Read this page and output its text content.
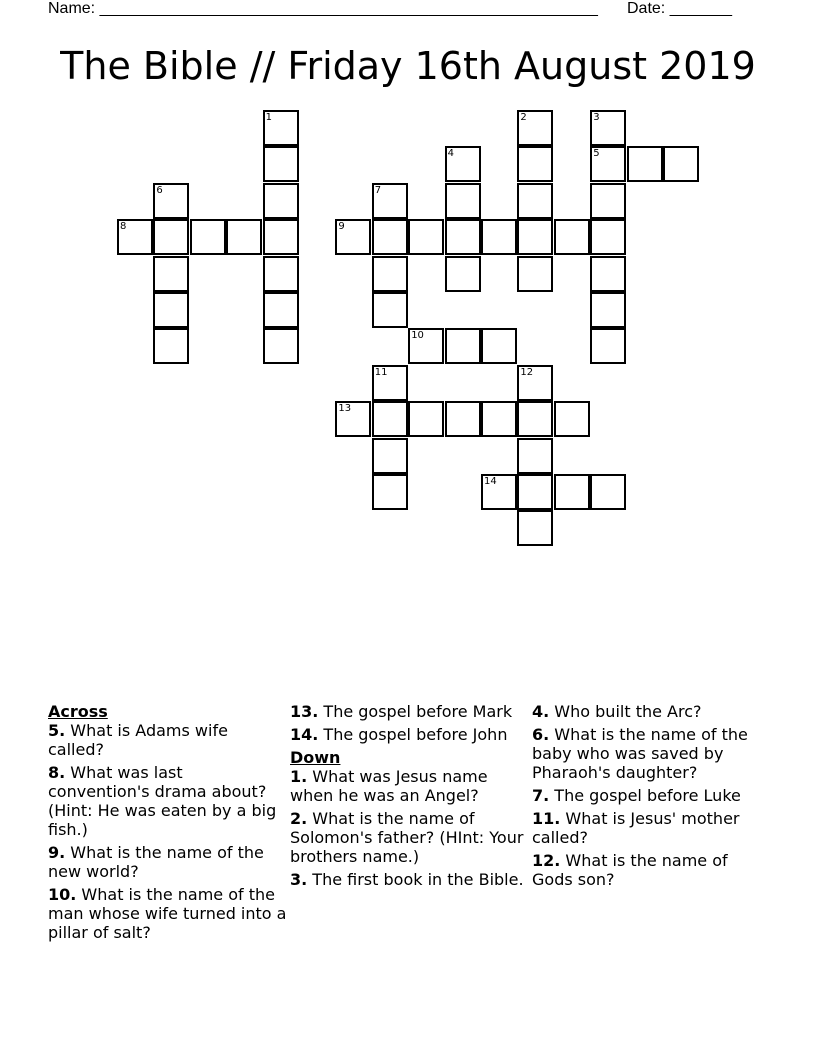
Name: ________________________________________________________ Date: _______
The Bible // Friday 16th August 2019
1	2	3
4	5
6	7
8	9
10
11	12
13
14
Across
5. What is Adams wife called?
8. What was last convention's drama about? (Hint: He was eaten by a big fish.)
9. What is the name of the new world?
10. What is the name of the man whose wife turned into a pillar of salt?
13. The gospel before Mark
14. The gospel before John
Down
1. What was Jesus name when he was an Angel?
2. What is the name of Solomon's father? (HInt: Your brothers name.)
3. The first book in the Bible.
4. Who built the Arc?
6. What is the name of the baby who was saved by Pharaoh's daughter?
7. The gospel before Luke
11. What is Jesus' mother called?
12. What is the name of Gods son?
